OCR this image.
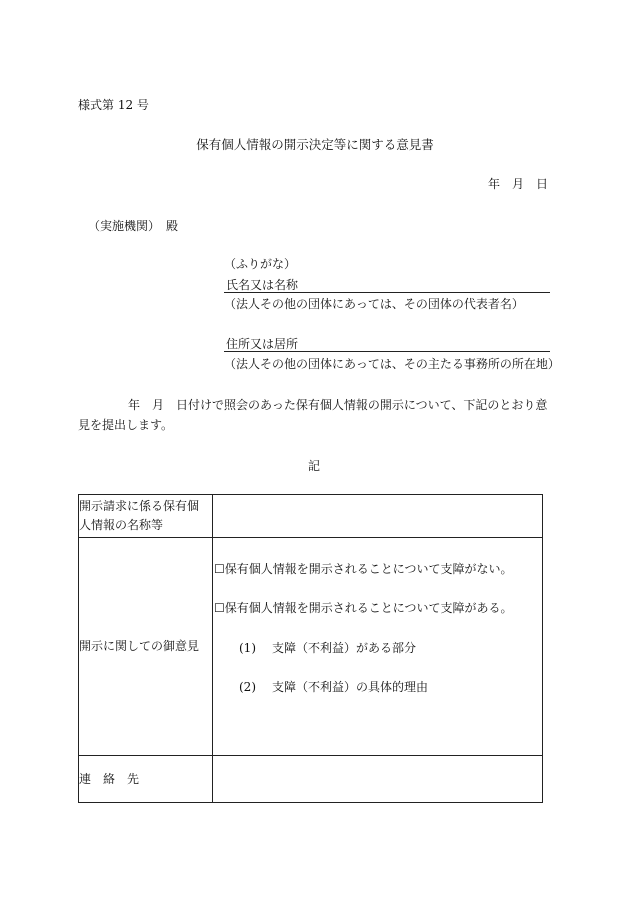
様式第 12 号
保有個人情報の開示決定等に関する意見書
年　月　日
（実施機関）　殿
（ふりがな）
氏名又は名称
（法人その他の団体にあっては、その団体の代表者名）
住所又は居所
（法人その他の団体にあっては、その主たる事務所の所在地）
年　月　日付けで照会のあった保有個人情報の開示について、下記のとおり意
見を提出します。
記
開示請求に係る保有個
人情報の名称等	

開示に関しての御意見	☐保有個人情報を開示されることについて支障がない。
☐保有個人情報を開示されることについて支障がある。
(1) 支障（不利益）がある部分
(2) 支障（不利益）の具体的理由

連　絡　先	
